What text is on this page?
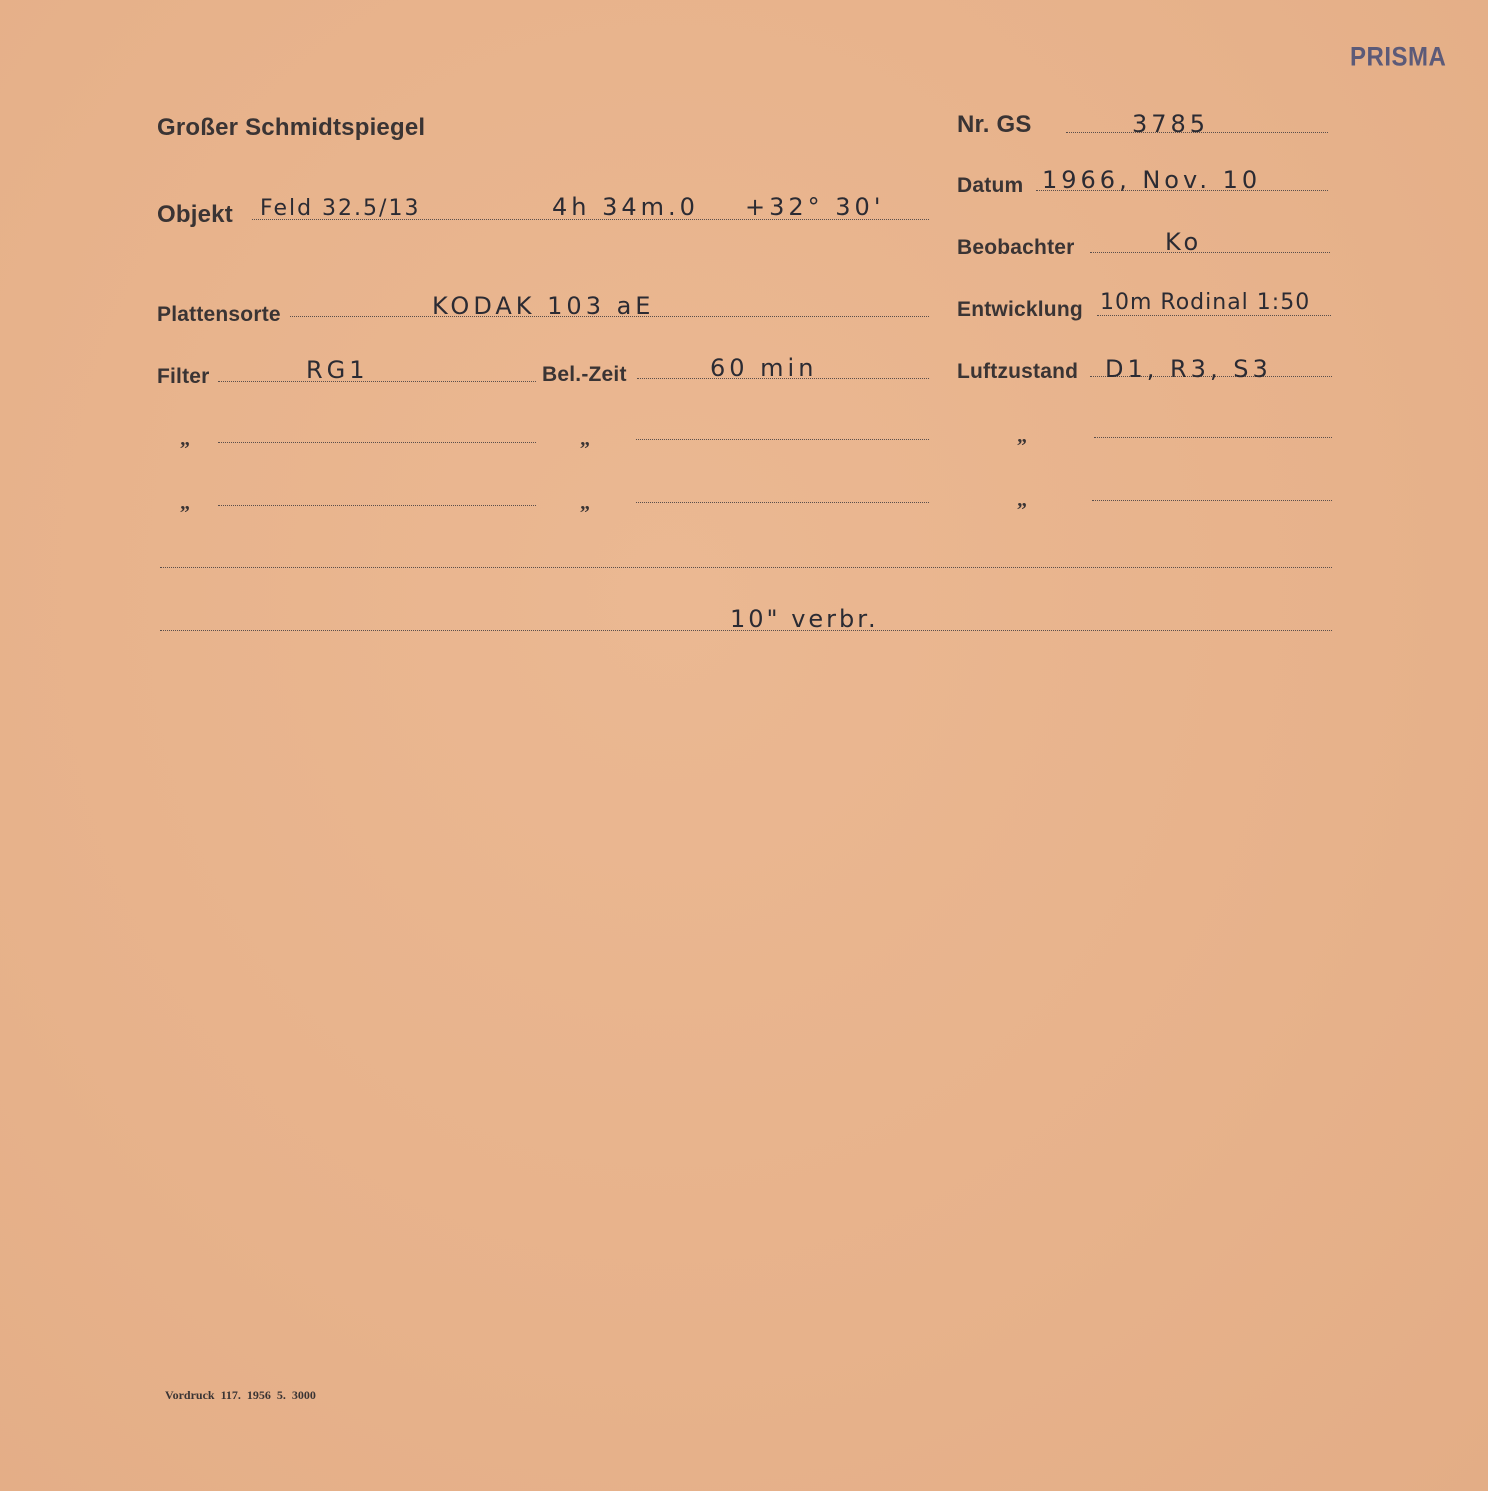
PRISMA
Großer Schmidtspiegel	Nr. GS	3785
Datum 1966, Nov. 10
Objekt Feld 32.5/13	4h 34m.0 +32° 30'
Beobachter	Ko
Plattensorte	KODAK 103 aE	Entwicklung 10m Rodinal 1:50
Filter	RG1	Bel.-Zeit	60 min	Luftzustand D1, R3, S3
„	„	„
„	„	„
10" verbr.
Vordruck 117. 1956 5. 3000
